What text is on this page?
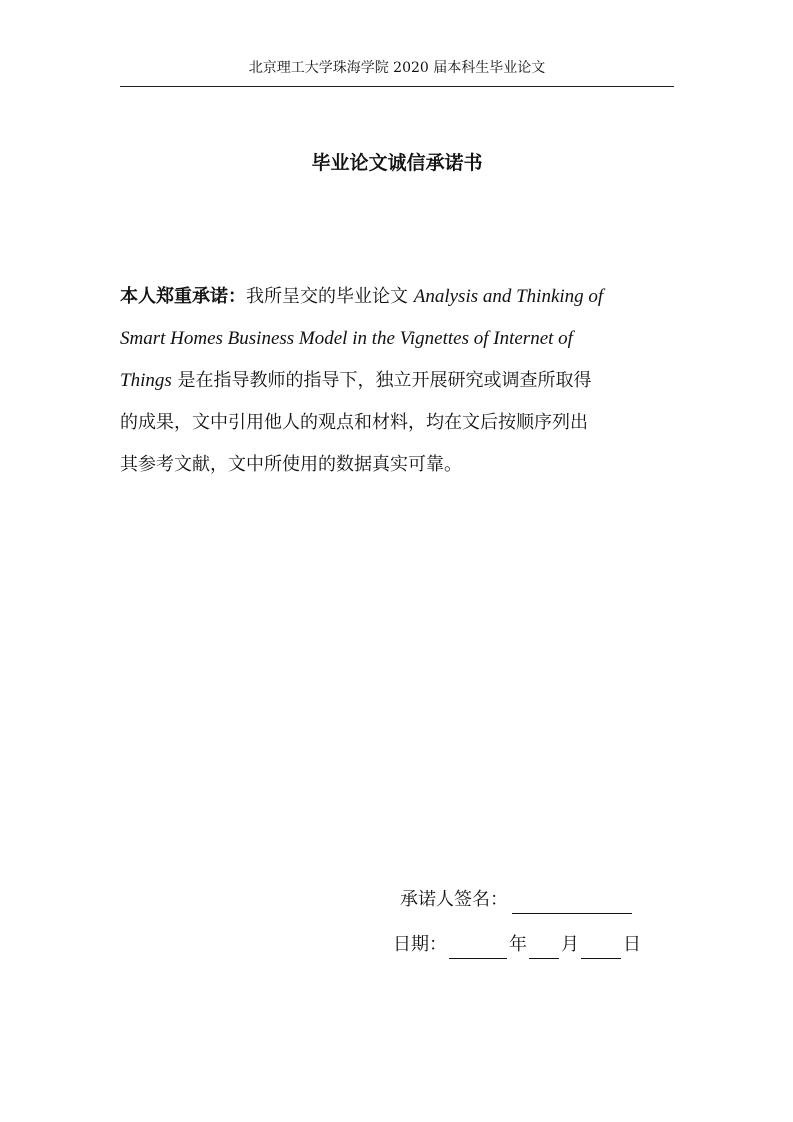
北京理工大学珠海学院 2020 届本科生毕业论文
毕业论文诚信承诺书
本人郑重承诺：我所呈交的毕业论文 Analysis and Thinking of
Smart Homes Business Model in the Vignettes of Internet of
Things 是在指导教师的指导下，独立开展研究或调查所取得
的成果，文中引用他人的观点和材料，均在文后按顺序列出
其参考文献，文中所使用的数据真实可靠。
承诺人签名：
日期：	年 月 日
